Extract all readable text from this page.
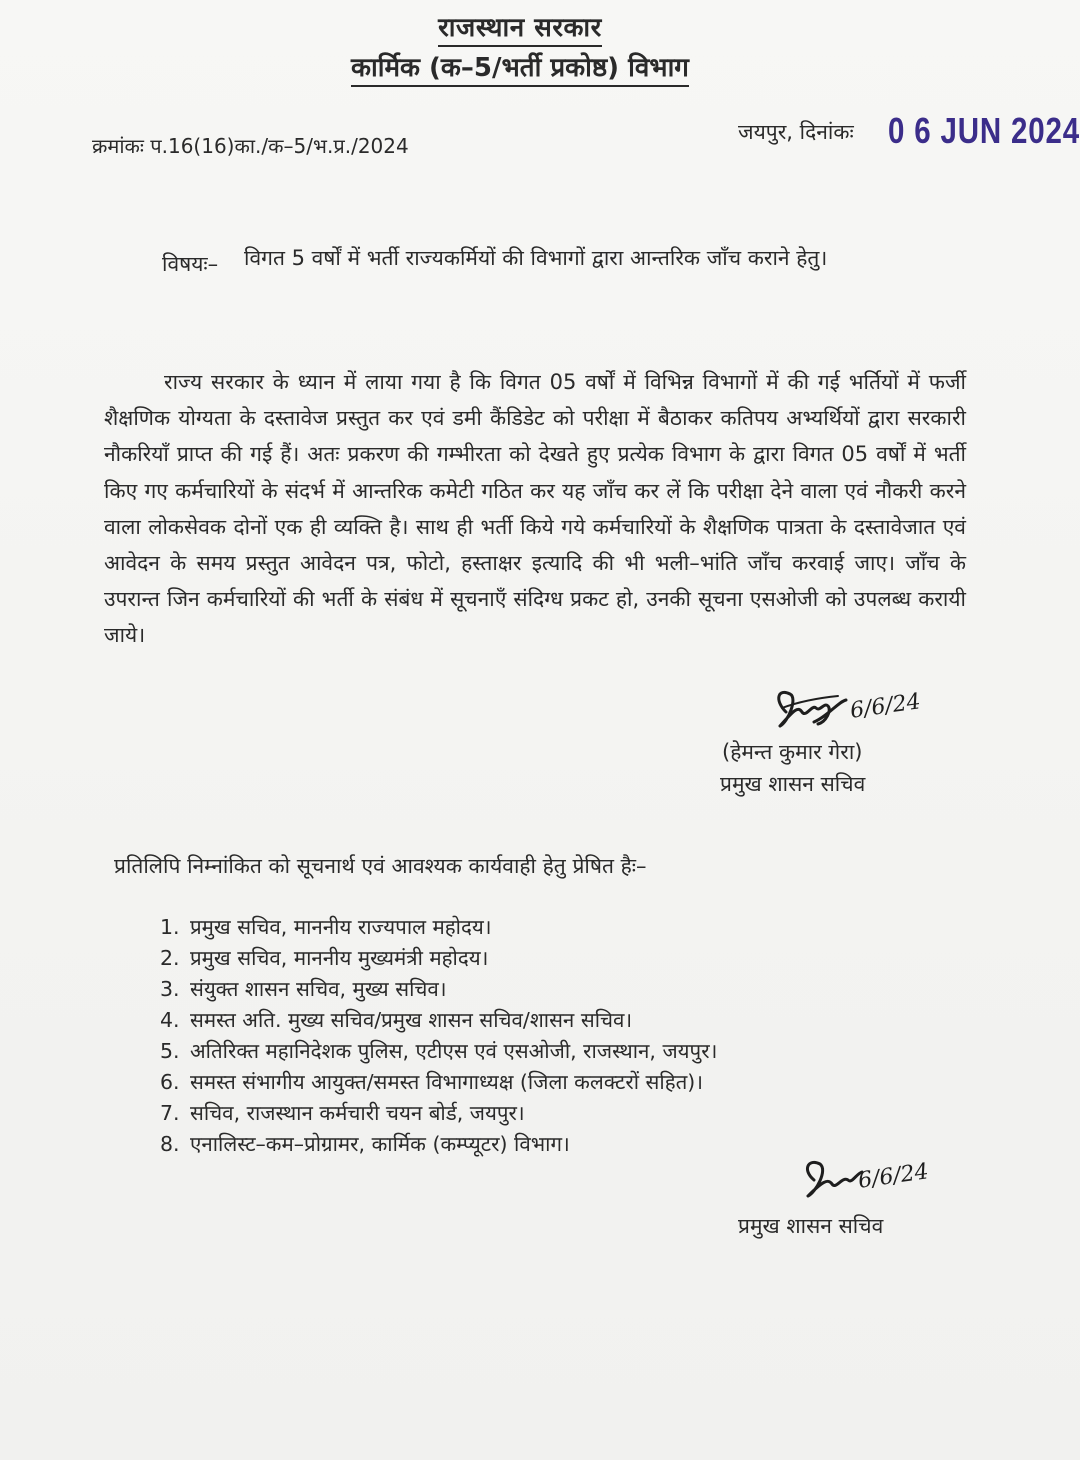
राजस्थान सरकार
कार्मिक (क–5/भर्ती प्रकोष्ठ) विभाग
क्रमांकः प.16(16)का./क–5/भ.प्र./2024
जयपुर, दिनांकः 0 6 JUN 2024
विषयः– विगत 5 वर्षों में भर्ती राज्यकर्मियों की विभागों द्वारा आन्तरिक जाँच कराने हेतु।
राज्य सरकार के ध्यान में लाया गया है कि विगत 05 वर्षों में विभिन्न विभागों में की गई भर्तियों में फर्जी शैक्षणिक योग्यता के दस्तावेज प्रस्तुत कर एवं डमी कैंडिडेट को परीक्षा में बैठाकर कतिपय अभ्यर्थियों द्वारा सरकारी नौकरियाँ प्राप्त की गई हैं। अतः प्रकरण की गम्भीरता को देखते हुए प्रत्येक विभाग के द्वारा विगत 05 वर्षों में भर्ती किए गए कर्मचारियों के संदर्भ में आन्तरिक कमेटी गठित कर यह जाँच कर लें कि परीक्षा देने वाला एवं नौकरी करने वाला लोकसेवक दोनों एक ही व्यक्ति है। साथ ही भर्ती किये गये कर्मचारियों के शैक्षणिक पात्रता के दस्तावेजात एवं आवेदन के समय प्रस्तुत आवेदन पत्र, फोटो, हस्ताक्षर इत्यादि की भी भली–भांति जाँच करवाई जाए। जाँच के उपरान्त जिन कर्मचारियों की भर्ती के संबंध में सूचनाएँ संदिग्ध प्रकट हो, उनकी सूचना एसओजी को उपलब्ध करायी जाये।
6/6/24
(हेमन्त कुमार गेरा)
प्रमुख शासन सचिव
प्रतिलिपि निम्नांकित को सूचनार्थ एवं आवश्यक कार्यवाही हेतु प्रेषित हैः–
1. प्रमुख सचिव, माननीय राज्यपाल महोदय।
2. प्रमुख सचिव, माननीय मुख्यमंत्री महोदय।
3. संयुक्त शासन सचिव, मुख्य सचिव।
4. समस्त अति. मुख्य सचिव/प्रमुख शासन सचिव/शासन सचिव।
5. अतिरिक्त महानिदेशक पुलिस, एटीएस एवं एसओजी, राजस्थान, जयपुर।
6. समस्त संभागीय आयुक्त/समस्त विभागाध्यक्ष (जिला कलक्टरों सहित)।
7. सचिव, राजस्थान कर्मचारी चयन बोर्ड, जयपुर।
8. एनालिस्ट–कम–प्रोग्रामर, कार्मिक (कम्प्यूटर) विभाग।
6/6/24
प्रमुख शासन सचिव
